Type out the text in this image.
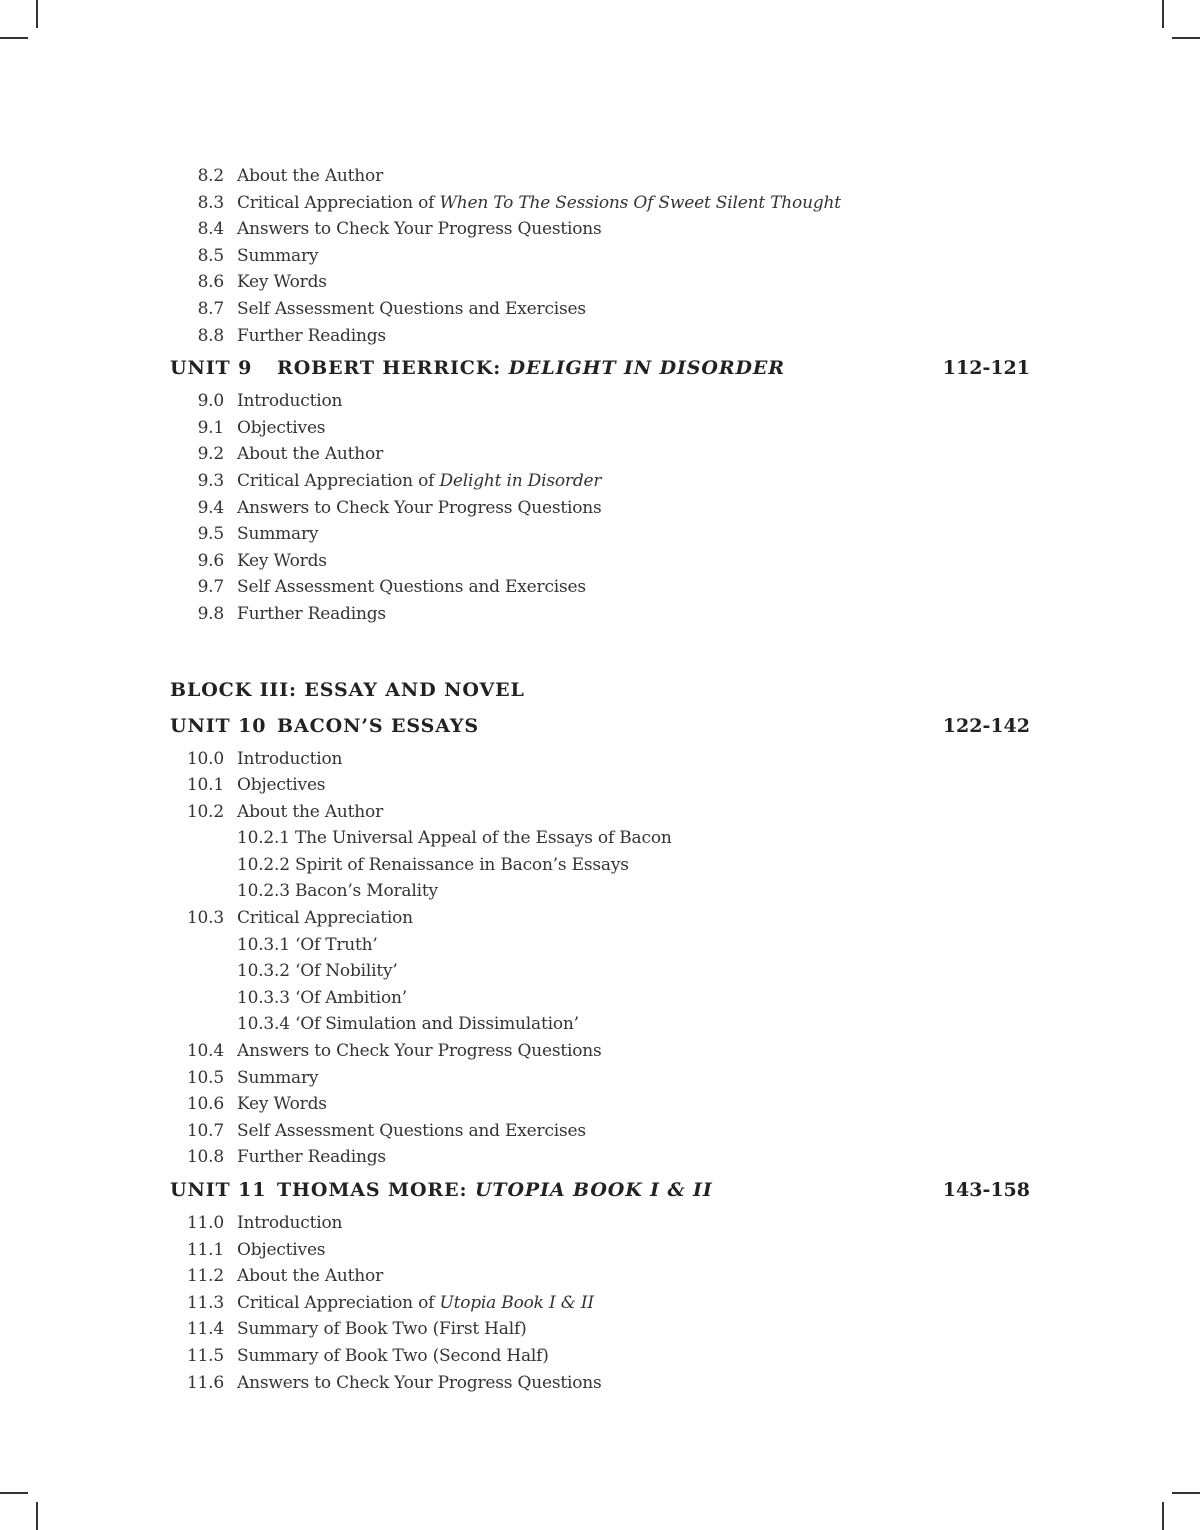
8.2 About the Author
8.3 Critical Appreciation of When To The Sessions Of Sweet Silent Thought
8.4 Answers to Check Your Progress Questions
8.5 Summary
8.6 Key Words
8.7 Self Assessment Questions and Exercises
8.8 Further Readings
UNIT 9 ROBERT HERRICK: DELIGHT IN DISORDER	112-121
9.0 Introduction
9.1 Objectives
9.2 About the Author
9.3 Critical Appreciation of Delight in Disorder
9.4 Answers to Check Your Progress Questions
9.5 Summary
9.6 Key Words
9.7 Self Assessment Questions and Exercises
9.8 Further Readings
BLOCK III: ESSAY AND NOVEL
UNIT 10 BACON’S ESSAYS	122-142
10.0 Introduction
10.1 Objectives
10.2 About the Author
10.2.1 The Universal Appeal of the Essays of Bacon
10.2.2 Spirit of Renaissance in Bacon’s Essays
10.2.3 Bacon’s Morality
10.3 Critical Appreciation
10.3.1 ‘Of Truth’
10.3.2 ‘Of Nobility’
10.3.3 ‘Of Ambition’
10.3.4 ‘Of Simulation and Dissimulation’
10.4 Answers to Check Your Progress Questions
10.5 Summary
10.6 Key Words
10.7 Self Assessment Questions and Exercises
10.8 Further Readings
UNIT 11 THOMAS MORE: UTOPIA BOOK I & II	143-158
11.0 Introduction
11.1 Objectives
11.2 About the Author
11.3 Critical Appreciation of Utopia Book I & II
11.4 Summary of Book Two (First Half)
11.5 Summary of Book Two (Second Half)
11.6 Answers to Check Your Progress Questions
